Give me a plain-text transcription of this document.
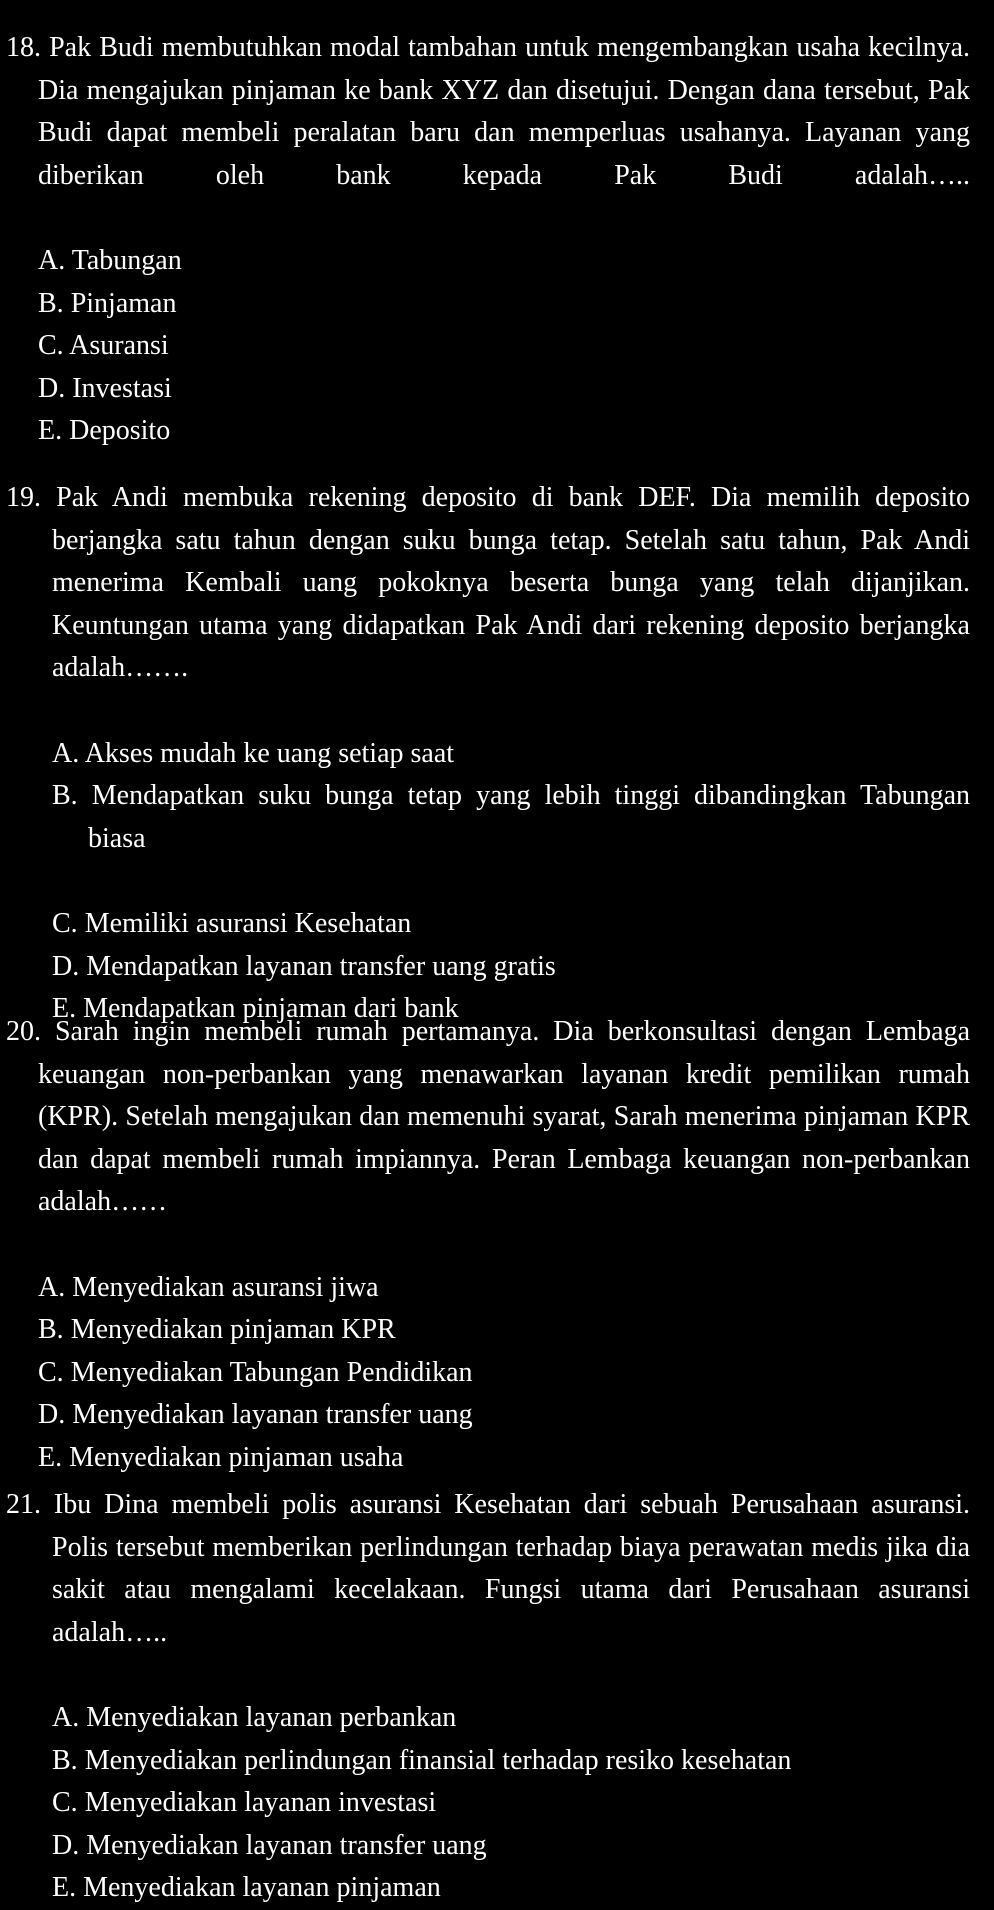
18. Pak Budi membutuhkan modal tambahan untuk mengembangkan usaha kecilnya. Dia mengajukan pinjaman ke bank XYZ dan disetujui. Dengan dana tersebut, Pak Budi dapat membeli peralatan baru dan memperluas usahanya. Layanan yang diberikan oleh bank kepada Pak Budi adalah…..

A. Tabungan
B. Pinjaman
C. Asuransi
D. Investasi
E. Deposito

19. Pak Andi membuka rekening deposito di bank DEF. Dia memilih deposito berjangka satu tahun dengan suku bunga tetap. Setelah satu tahun, Pak Andi menerima Kembali uang pokoknya beserta bunga yang telah dijanjikan. Keuntungan utama yang didapatkan Pak Andi dari rekening deposito berjangka adalah…….

A. Akses mudah ke uang setiap saat
B. Mendapatkan suku bunga tetap yang lebih tinggi dibandingkan Tabungan biasa
C. Memiliki asuransi Kesehatan
D. Mendapatkan layanan transfer uang gratis
E. Mendapatkan pinjaman dari bank

20. Sarah ingin membeli rumah pertamanya. Dia berkonsultasi dengan Lembaga keuangan non-perbankan yang menawarkan layanan kredit pemilikan rumah (KPR). Setelah mengajukan dan memenuhi syarat, Sarah menerima pinjaman KPR dan dapat membeli rumah impiannya. Peran Lembaga keuangan non-perbankan adalah……

A. Menyediakan asuransi jiwa
B. Menyediakan pinjaman KPR
C. Menyediakan Tabungan Pendidikan
D. Menyediakan layanan transfer uang
E. Menyediakan pinjaman usaha

21. Ibu Dina membeli polis asuransi Kesehatan dari sebuah Perusahaan asuransi. Polis tersebut memberikan perlindungan terhadap biaya perawatan medis jika dia sakit atau mengalami kecelakaan. Fungsi utama dari Perusahaan asuransi adalah…..

A. Menyediakan layanan perbankan
B. Menyediakan perlindungan finansial terhadap resiko kesehatan
C. Menyediakan layanan investasi
D. Menyediakan layanan transfer uang
E. Menyediakan layanan pinjaman
